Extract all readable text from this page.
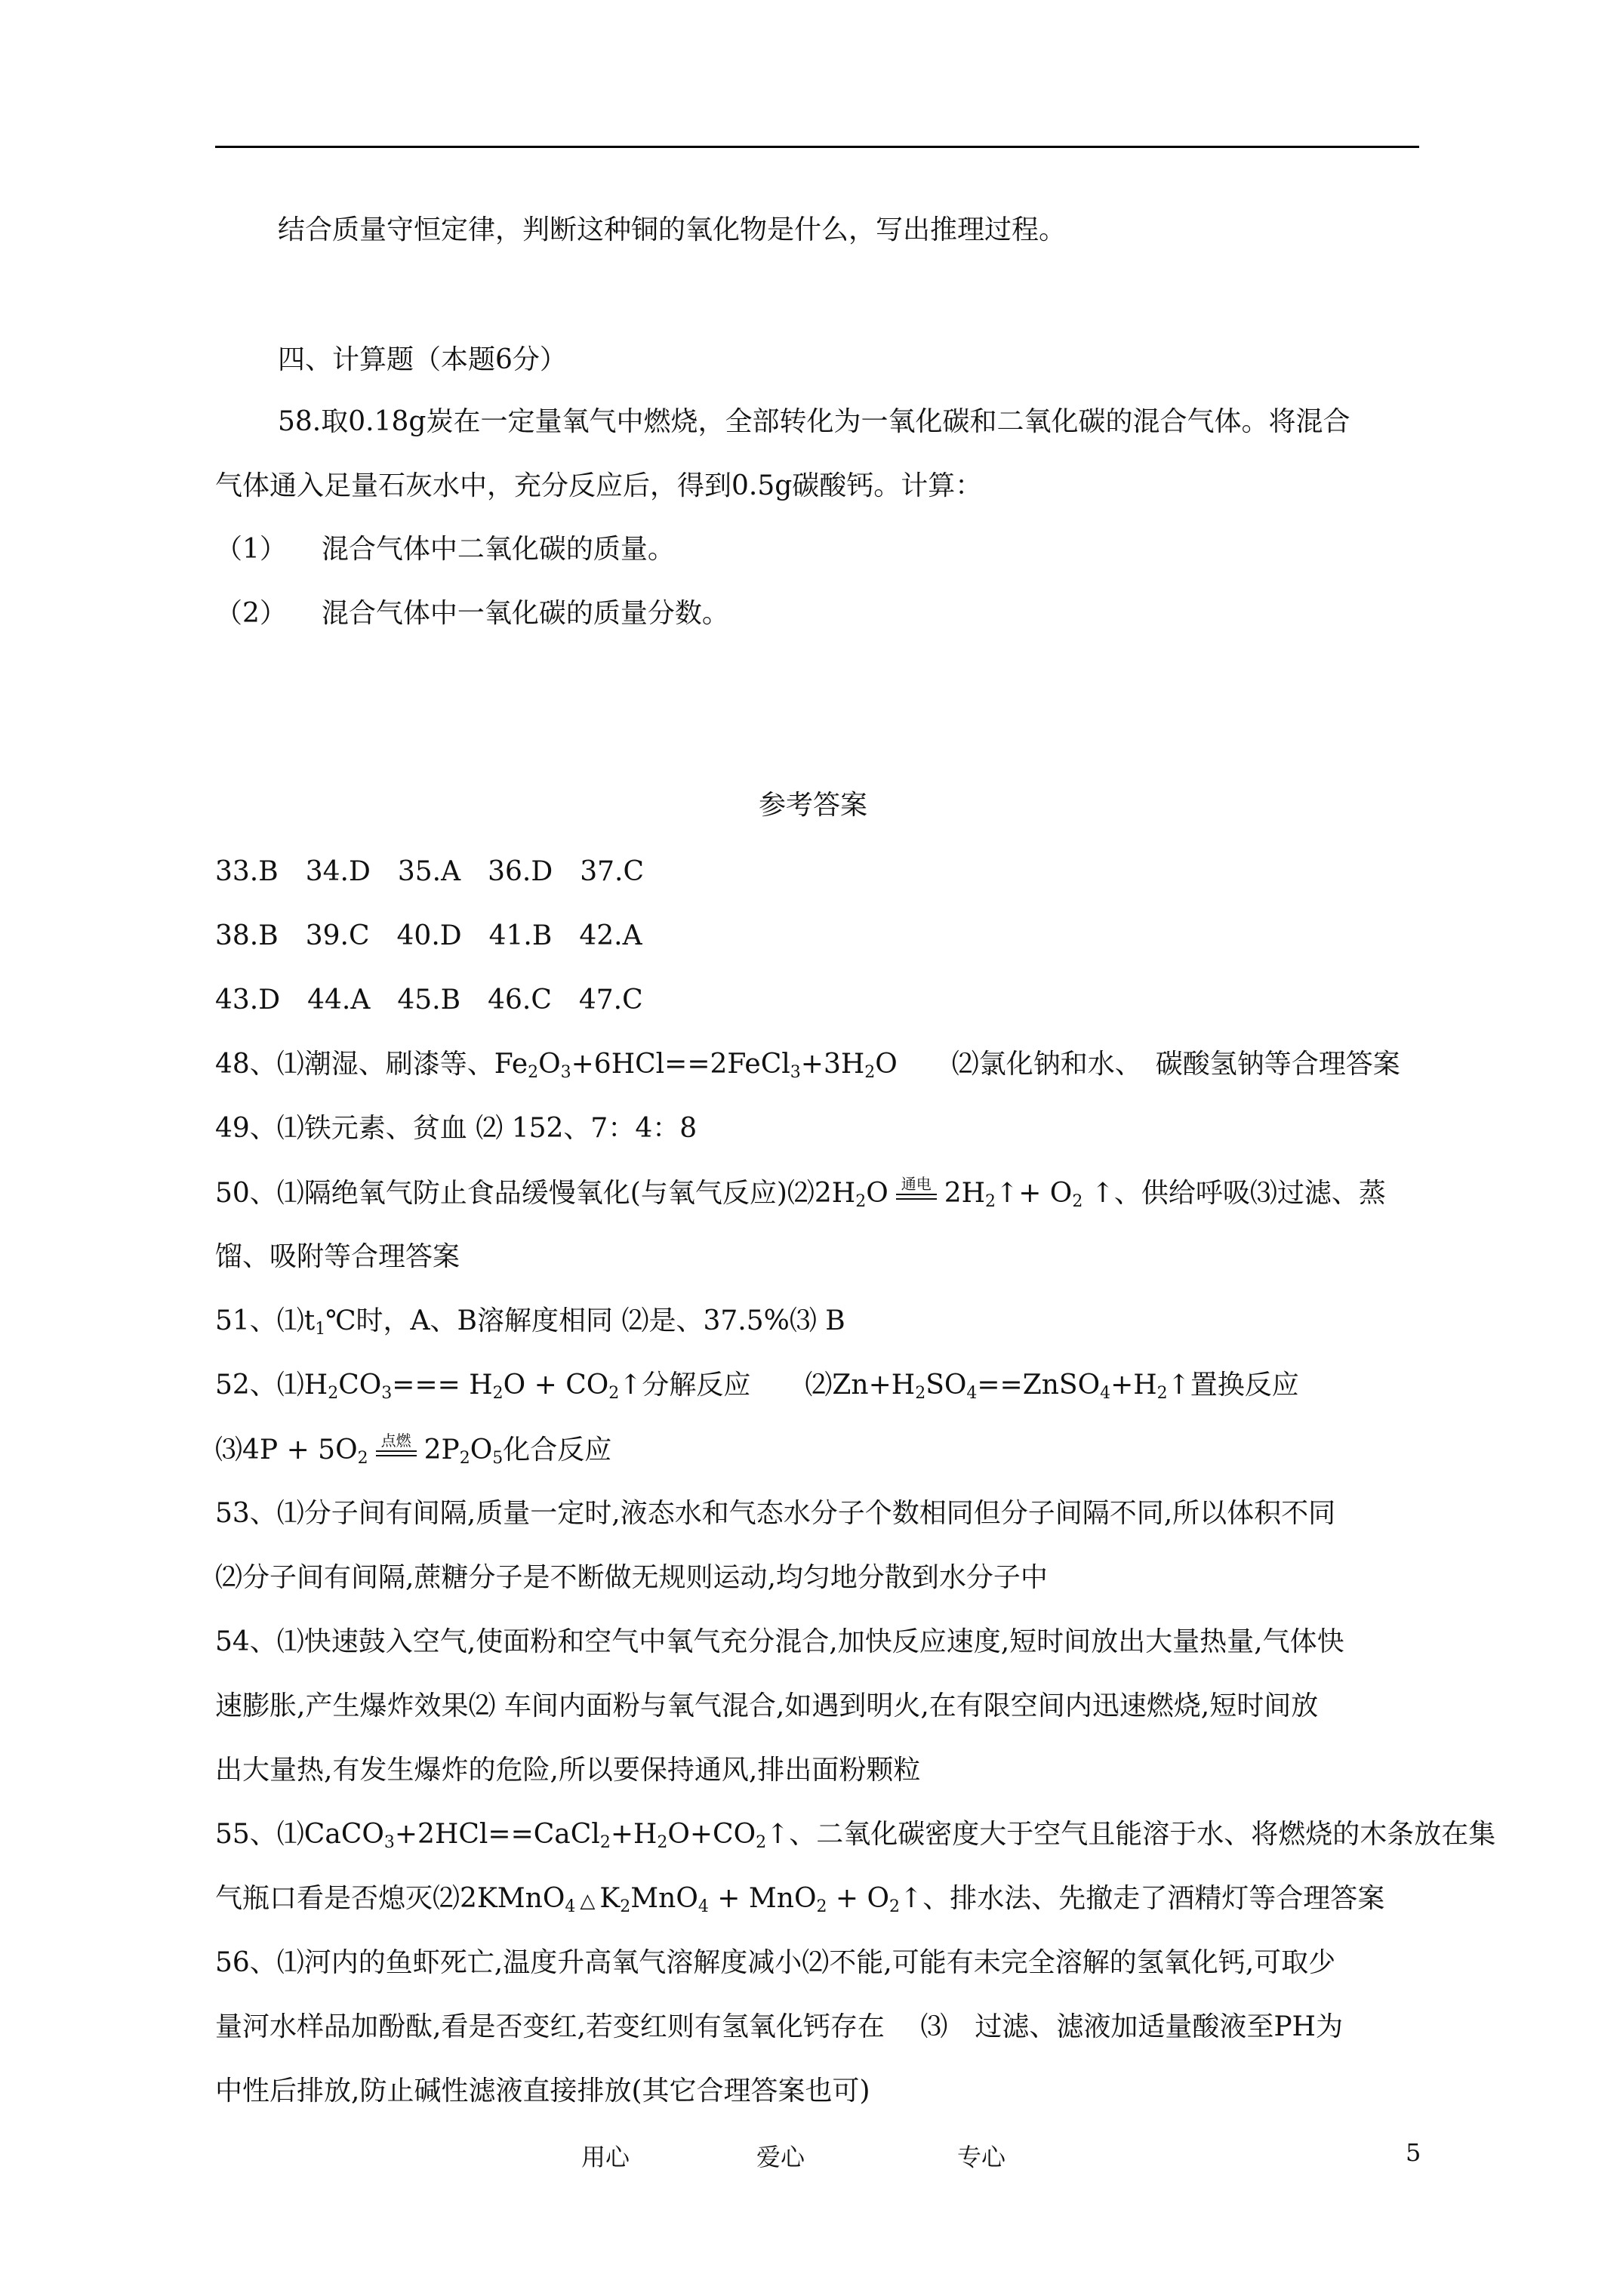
结合质量守恒定律，判断这种铜的氧化物是什么，写出推理过程。
四、计算题（本题6分）
58.取0.18g炭在一定量氧气中燃烧，全部转化为一氧化碳和二氧化碳的混合气体。将混合
气体通入足量石灰水中，充分反应后，得到0.5g碳酸钙。计算：
（1） 混合气体中二氧化碳的质量。
（2） 混合气体中一氧化碳的质量分数。
参考答案
33.B　34.D　35.A　36.D　37.C
38.B　39.C　40.D　41.B　42.A
43.D　44.A　45.B　46.C　47.C
48、⑴潮湿、刷漆等、$Fe_2O_3+6HCl==2FeCl_3+3H_2O$　　⑵氯化钠和水、　碳酸氢钠等合理答案
49、⑴铁元素、贫血 ⑵ 152、7：4：8
50、⑴隔绝氧气防止食品缓慢氧化(与氧气反应)$⑵2H_2O$ 通电 $2H_2↑+ O_2$ ↑、供给呼吸⑶过滤、蒸
馏、吸附等合理答案
51、$⑴t_1℃$时，A、B溶解度相同 ⑵是、37.5%⑶ B
52、$⑴H_2CO_3=== H_2O$ + $CO_2↑$分解反应　　$⑵Zn+H_2SO_4==ZnSO_4+H_2↑$置换反应
⑶4P + $5O_2$
点燃 $2P_2O_5$化合反应
53、⑴分子间有间隔,质量一定时,液态水和气态水分子个数相同但分子间隔不同,所以体积不同
⑵分子间有间隔,蔗糖分子是不断做无规则运动,均匀地分散到水分子中
54、⑴快速鼓入空气,使面粉和空气中氧气充分混合,加快反应速度,短时间放出大量热量,气体快
速膨胀,产生爆炸效果⑵ 车间内面粉与氧气混合,如遇到明火,在有限空间内迅速燃烧,短时间放
出大量热,有发生爆炸的危险,所以要保持通风,排出面粉颗粒
55、$⑴CaCO_3+2HCl==CaCl_2+H_2O+CO_2↑$、二氧化碳密度大于空气且能溶于水、将燃烧的木条放在集
气瓶口看是否熄灭⑵2KMnO$_4$ △ $K_2MnO_4 + MnO_2$ + $O_2↑$、排水法、先撤走了酒精灯等合理答案
56、⑴河内的鱼虾死亡,温度升高氧气溶解度减小⑵不能,可能有未完全溶解的氢氧化钙,可取少
量河水样品加酚酞,看是否变红,若变红则有氢氧化钙存在　 ⑶　过滤、滤液加适量酸液至PH为
中性后排放,防止碱性滤液直接排放(其它合理答案也可)
用心	爱心	专心	5
